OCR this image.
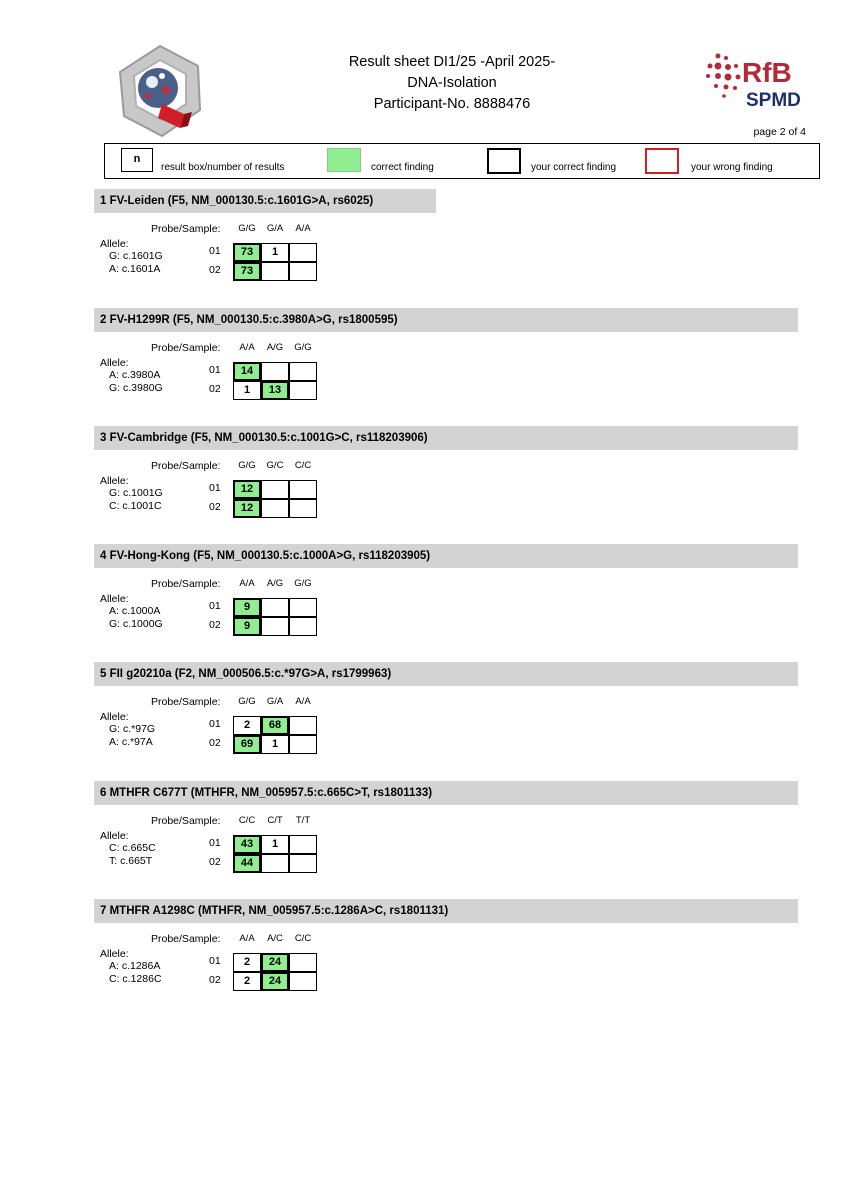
Result sheet DI1/25 -April 2025-
DNA-Isolation
Participant-No. 8888476
RfB
SPMD
page 2 of 4
n
result box/number of results	correct finding	your correct finding	your wrong finding
1 FV-Leiden (F5, NM_000130.5:c.1601G>A, rs6025)
Probe/Sample:	G/G	G/A	A/A
Allele:
G: c.1601G
A: c.1601A
01	73	1
02	73
2 FV-H1299R (F5, NM_000130.5:c.3980A>G, rs1800595)
Probe/Sample:	A/A	A/G	G/G
Allele:
A: c.3980A
G: c.3980G
01	14
02	1	13
3 FV-Cambridge (F5, NM_000130.5:c.1001G>C, rs118203906)
Probe/Sample:	G/G	G/C	C/C
Allele:
G: c.1001G
C: c.1001C
01	12
02	12
4 FV-Hong-Kong (F5, NM_000130.5:c.1000A>G, rs118203905)
Probe/Sample:	A/A	A/G	G/G
Allele:
A: c.1000A
G: c.1000G
01	9
02	9
5 FII g20210a (F2, NM_000506.5:c.*97G>A, rs1799963)
Probe/Sample:	G/G	G/A	A/A
Allele:
G: c.*97G
A: c.*97A
01	2	68
02	69	1
6 MTHFR C677T (MTHFR, NM_005957.5:c.665C>T, rs1801133)
Probe/Sample:	C/C	C/T	T/T
Allele:
C: c.665C
T: c.665T
01	43	1
02	44
7 MTHFR A1298C (MTHFR, NM_005957.5:c.1286A>C, rs1801131)
Probe/Sample:	A/A	A/C	C/C
Allele:
A: c.1286A
C: c.1286C
01	2	24
02	2	24
